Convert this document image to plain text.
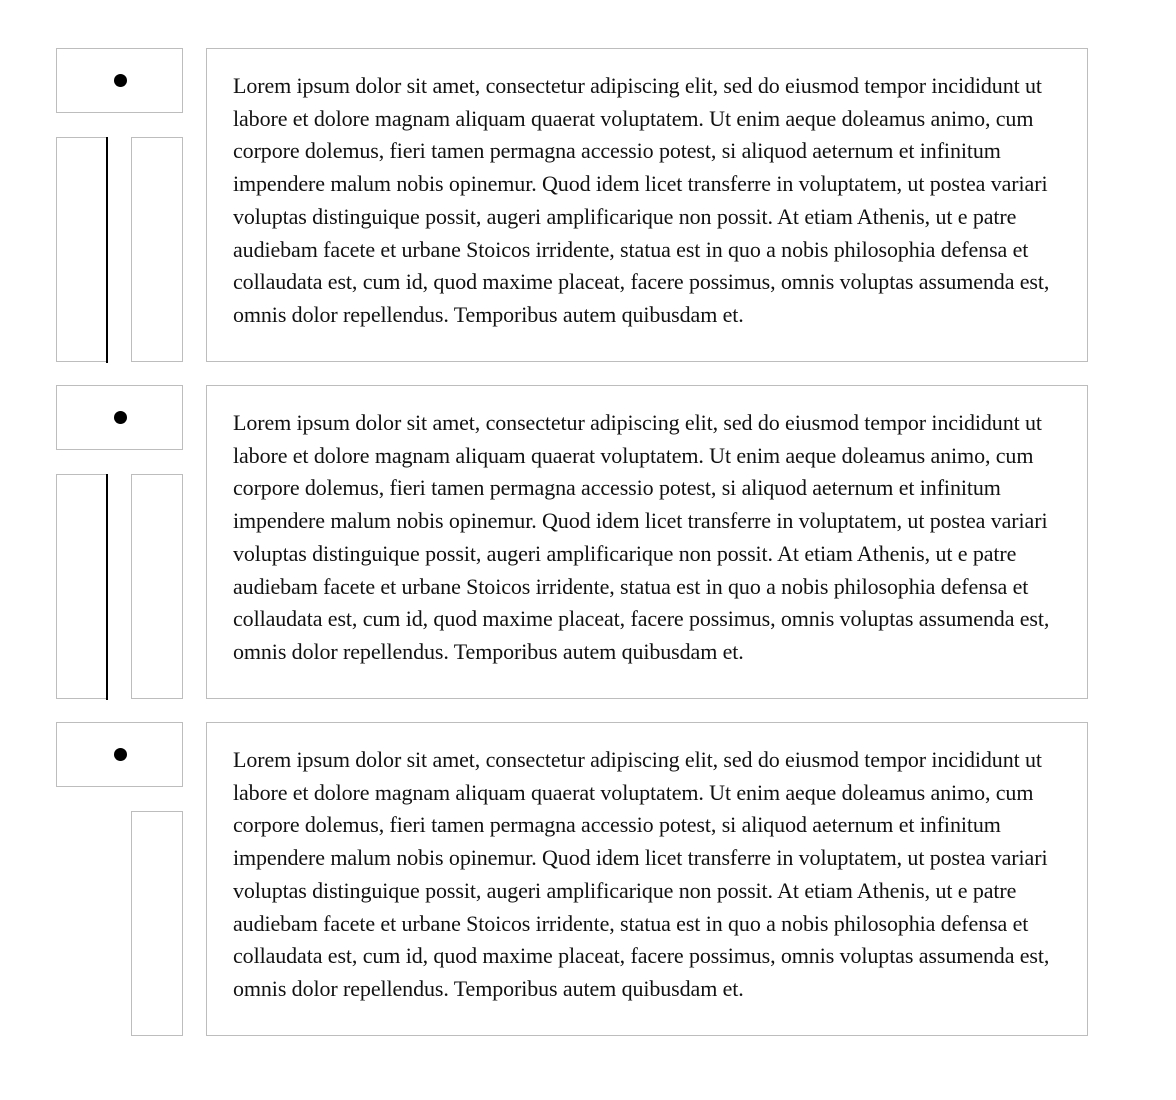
Lorem ipsum dolor sit amet, consectetur adipiscing elit, sed do eiusmod tempor incididunt ut labore et dolore magnam aliquam quaerat voluptatem. Ut enim aeque doleamus animo, cum corpore dolemus, fieri tamen permagna accessio potest, si aliquod aeternum et infinitum impendere malum nobis opinemur. Quod idem licet transferre in voluptatem, ut postea variari voluptas distinguique possit, augeri amplificarique non possit. At etiam Athenis, ut e patre audiebam facete et urbane Stoicos irridente, statua est in quo a nobis philosophia defensa et collaudata est, cum id, quod maxime placeat, facere possimus, omnis voluptas assumenda est, omnis dolor repellendus. Temporibus autem quibusdam et.

Lorem ipsum dolor sit amet, consectetur adipiscing elit, sed do eiusmod tempor incididunt ut labore et dolore magnam aliquam quaerat voluptatem. Ut enim aeque doleamus animo, cum corpore dolemus, fieri tamen permagna accessio potest, si aliquod aeternum et infinitum impendere malum nobis opinemur. Quod idem licet transferre in voluptatem, ut postea variari voluptas distinguique possit, augeri amplificarique non possit. At etiam Athenis, ut e patre audiebam facete et urbane Stoicos irridente, statua est in quo a nobis philosophia defensa et collaudata est, cum id, quod maxime placeat, facere possimus, omnis voluptas assumenda est, omnis dolor repellendus. Temporibus autem quibusdam et.

Lorem ipsum dolor sit amet, consectetur adipiscing elit, sed do eiusmod tempor incididunt ut labore et dolore magnam aliquam quaerat voluptatem. Ut enim aeque doleamus animo, cum corpore dolemus, fieri tamen permagna accessio potest, si aliquod aeternum et infinitum impendere malum nobis opinemur. Quod idem licet transferre in voluptatem, ut postea variari voluptas distinguique possit, augeri amplificarique non possit. At etiam Athenis, ut e patre audiebam facete et urbane Stoicos irridente, statua est in quo a nobis philosophia defensa et collaudata est, cum id, quod maxime placeat, facere possimus, omnis voluptas assumenda est, omnis dolor repellendus. Temporibus autem quibusdam et.
